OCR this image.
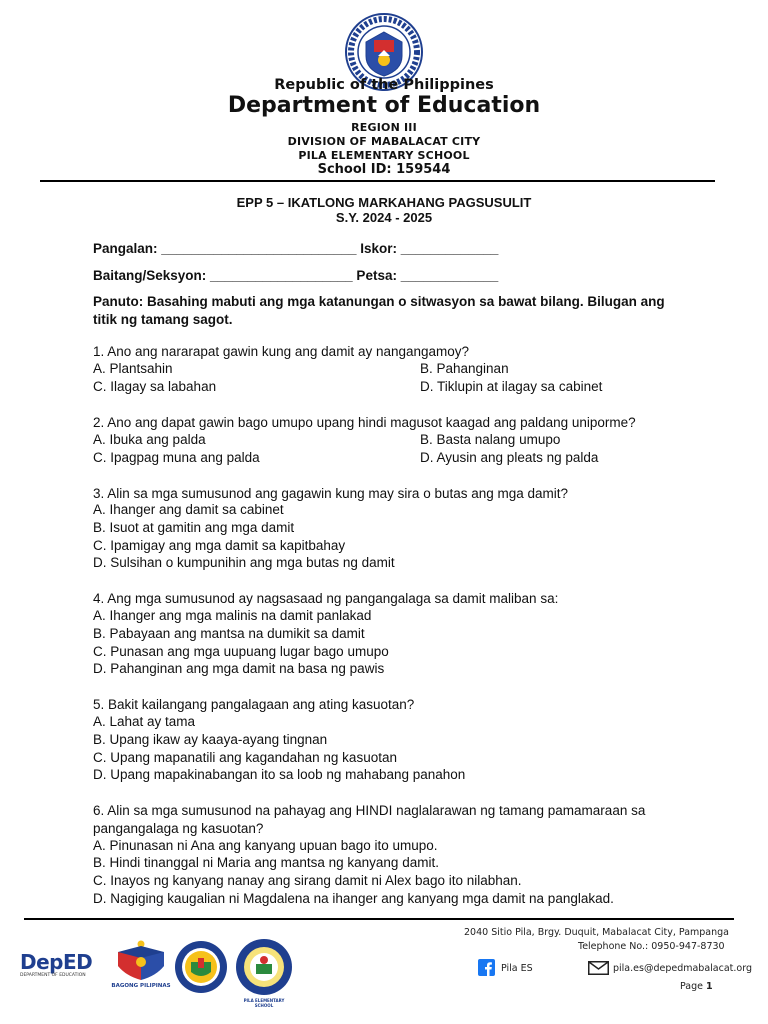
Republic of the Philippines
Department of Education
REGION III
DIVISION OF MABALACAT CITY
PILA ELEMENTARY SCHOOL
School ID: 159544
EPP 5 – IKATLONG MARKAHANG PAGSUSULIT
S.Y. 2024 - 2025
Pangalan: __________________________ Iskor: _____________
Baitang/Seksyon: ___________________ Petsa: _____________
Panuto: Basahing mabuti ang mga katanungan o sitwasyon sa bawat bilang. Bilugan ang titik ng tamang sagot.
1. Ano ang nararapat gawin kung ang damit ay nangangamoy?
A. Plantsahin	B. Pahanginan
C. Ilagay sa labahan	D. Tiklupin at ilagay sa cabinet
2. Ano ang dapat gawin bago umupo upang hindi magusot kaagad ang paldang uniporme?
A. Ibuka ang palda	B. Basta nalang umupo
C. Ipagpag muna ang palda	D. Ayusin ang pleats ng palda
3. Alin sa mga sumusunod ang gagawin kung may sira o butas ang mga damit?
A. Ihanger ang damit sa cabinet
B. Isuot at gamitin ang mga damit
C. Ipamigay ang mga damit sa kapitbahay
D. Sulsihan o kumpunihin ang mga butas ng damit
4. Ang mga sumusunod ay nagsasaad ng pangangalaga sa damit maliban sa:
A. Ihanger ang mga malinis na damit panlakad
B. Pabayaan ang mantsa na dumikit sa damit
C. Punasan ang mga uupuang lugar bago umupo
D. Pahanginan ang mga damit na basa ng pawis
5. Bakit kailangang pangalagaan ang ating kasuotan?
A. Lahat ay tama
B. Upang ikaw ay kaaya-ayang tingnan
C. Upang mapanatili ang kagandahan ng kasuotan
D. Upang mapakinabangan ito sa loob ng mahabang panahon
6. Alin sa mga sumusunod na pahayag ang HINDI naglalarawan ng tamang pamamaraan sa pangangalaga ng kasuotan?
A. Pinunasan ni Ana ang kanyang upuan bago ito umupo.
B. Hindi tinanggal ni Maria ang mantsa ng kanyang damit.
C. Inayos ng kanyang nanay ang sirang damit ni Alex bago ito nilabhan.
D. Nagiging kaugalian ni Magdalena na ihanger ang kanyang mga damit na panglakad.
DepED
DEPARTMENT OF EDUCATION
BAGONG PILIPINAS
PILA ELEMENTARY SCHOOL
2040 Sitio Pila, Brgy. Duquit, Mabalacat City, Pampanga
Telephone No.: 0950-947-8730
Pila ES	pila.es@depedmabalacat.org
Page 1
